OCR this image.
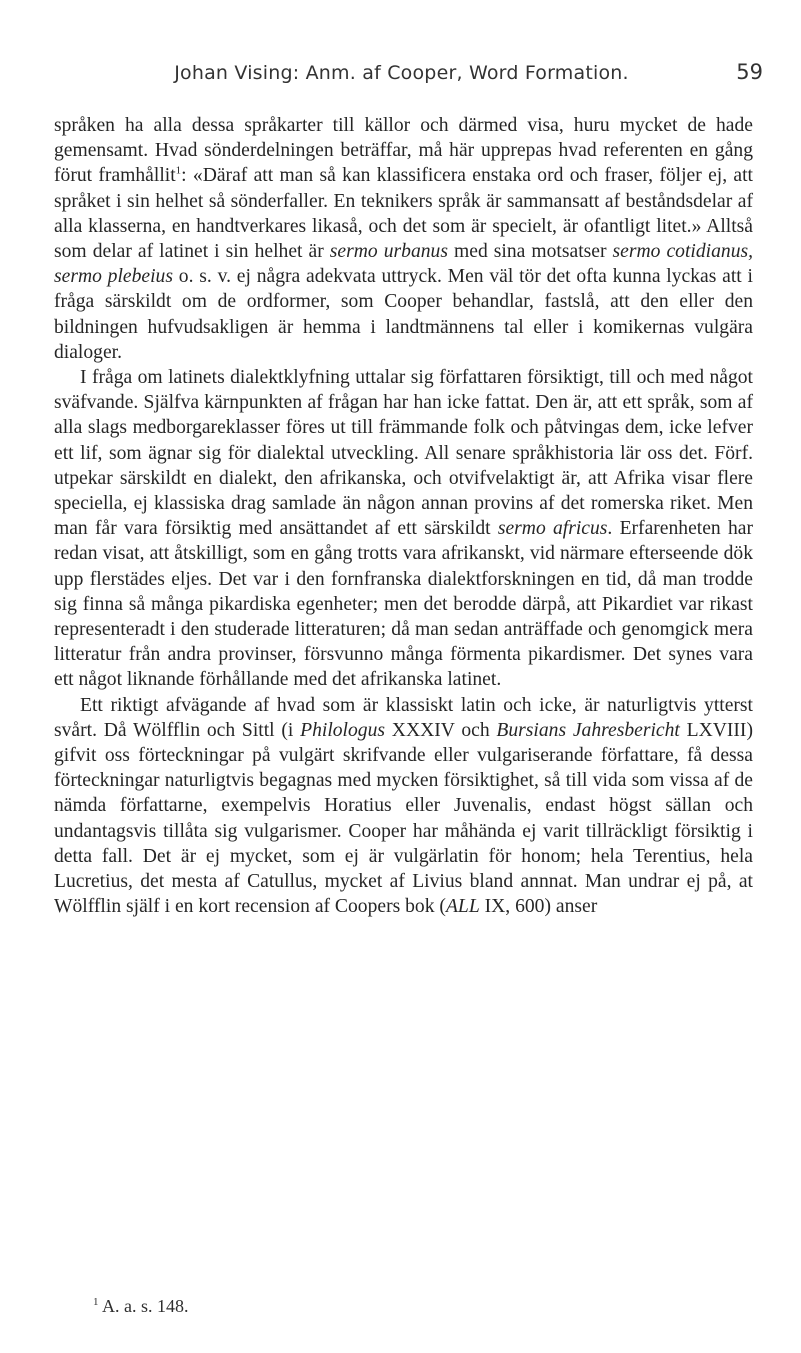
Johan Vising: Anm. af Cooper, Word Formation.	59

språken ha alla dessa språkarter till källor och därmed visa, huru mycket de hade gemensamt. Hvad sönderdelningen beträffar, må här upprepas hvad referenten en gång förut framhållit$^1$: «Däraf att man så kan klassificera enstaka ord och fraser, följer ej, att språket i sin helhet så sönderfaller. En teknikers språk är sammansatt af beståndsdelar af alla klasserna, en handtverkares likaså, och det som är specielt, är ofantligt litet.» Alltså som delar af latinet i sin helhet är sermo urbanus med sina motsatser sermo cotidianus, sermo plebeius o. s. v. ej några adekvata uttryck. Men väl tör det ofta kunna lyckas att i fråga särskildt om de ordformer, som Cooper behandlar, fastslå, att den eller den bildningen hufvudsakligen är hemma i landtmännens tal eller i komikernas vulgära dialoger.

I fråga om latinets dialektklyfning uttalar sig författaren försiktigt, till och med något sväfvande. Själfva kärnpunkten af frågan har han icke fattat. Den är, att ett språk, som af alla slags medborgareklasser föres ut till främmande folk och påtvingas dem, icke lefver ett lif, som ägnar sig för dialektal utveckling. All senare språkhistoria lär oss det. Förf. utpekar särskildt en dialekt, den afrikanska, och otvifvelaktigt är, att Afrika visar flere speciella, ej klassiska drag samlade än någon annan provins af det romerska riket. Men man får vara försiktig med ansättandet af ett särskildt sermo africus. Erfarenheten har redan visat, att åtskilligt, som en gång trotts vara afrikanskt, vid närmare efterseende dök upp flerstädes eljes. Det var i den fornfranska dialektforskningen en tid, då man trodde sig finna så många pikardiska egenheter; men det berodde därpå, att Pikardiet var rikast representeradt i den studerade litteraturen; då man sedan anträffade och genomgick mera litteratur från andra provinser, försvunno många förmenta pikardismer. Det synes vara ett något liknande förhållande med det afrikanska latinet.

Ett riktigt afvägande af hvad som är klassiskt latin och icke, är naturligtvis ytterst svårt. Då Wölfflin och Sittl (i Philologus XXXIV och Bursians Jahresbericht LXVIII) gifvit oss förteckningar på vulgärt skrifvande eller vulgariserande författare, få dessa förteckningar naturligtvis begagnas med mycken försiktighet, så till vida som vissa af de nämda författarne, exempelvis Horatius eller Juvenalis, endast högst sällan och undantagsvis tillåta sig vulgarismer. Cooper har måhända ej varit tillräckligt försiktig i detta fall. Det är ej mycket, som ej är vulgärlatin för honom; hela Terentius, hela Lucretius, det mesta af Catullus, mycket af Livius bland annnat. Man undrar ej på, at Wölfflin själf i en kort recension af Coopers bok (ALL IX, 600) anser

$^1$ A. a. s. 148.
